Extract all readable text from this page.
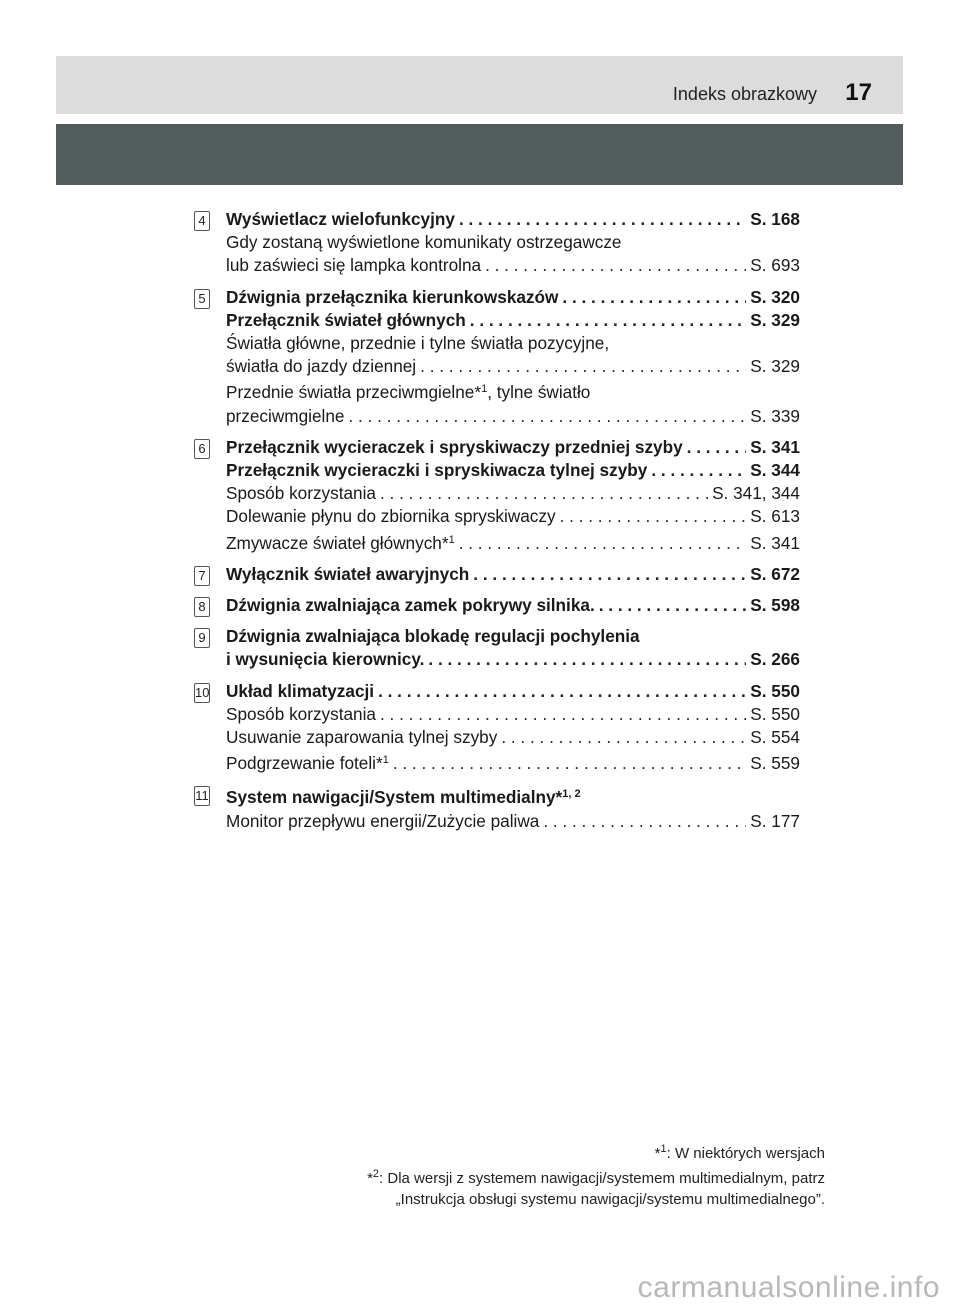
Indeks obrazkowy 17
4 Wyświetlacz wielofunkcyjny . . .	S. 168
Gdy zostaną wyświetlone komunikaty ostrzegawcze
lub zaświeci się lampka kontrolna . . .	S. 693
5 Dźwignia przełącznika kierunkowskazów . . .	S. 320
Przełącznik świateł głównych . . .	S. 329
Światła główne, przednie i tylne światła pozycyjne,
światła do jazdy dziennej . . .	S. 329
Przednie światła przeciwmgielne*$^1$, tylne światło
przeciwmgielne . . .	S. 339
6 Przełącznik wycieraczek i spryskiwaczy przedniej szyby . . .	S. 341
Przełącznik wycieraczki i spryskiwacza tylnej szyby . . .	S. 344
Sposób korzystania . . .	S. 341, 344
Dolewanie płynu do zbiornika spryskiwaczy . . .	S. 613
Zmywacze świateł głównych*$^1$ . . .	S. 341
7 Wyłącznik świateł awaryjnych . . .	S. 672
8 Dźwignia zwalniająca zamek pokrywy silnika. . . .	S. 598
9 Dźwignia zwalniająca blokadę regulacji pochylenia
i wysunięcia kierownicy. . . .	S. 266
10 Układ klimatyzacji . . .	S. 550
Sposób korzystania . . .	S. 550
Usuwanie zaparowania tylnej szyby . . .	S. 554
Podgrzewanie foteli*$^1$ . . .	S. 559
11 System nawigacji/System multimedialny*$^{1, 2}$
Monitor przepływu energii/Zużycie paliwa . . .	S. 177
*$^1$: W niektórych wersjach
*$^2$: Dla wersji z systemem nawigacji/systemem multimedialnym, patrz
„Instrukcja obsługi systemu nawigacji/systemu multimedialnego”.
carmanualsonline.info
